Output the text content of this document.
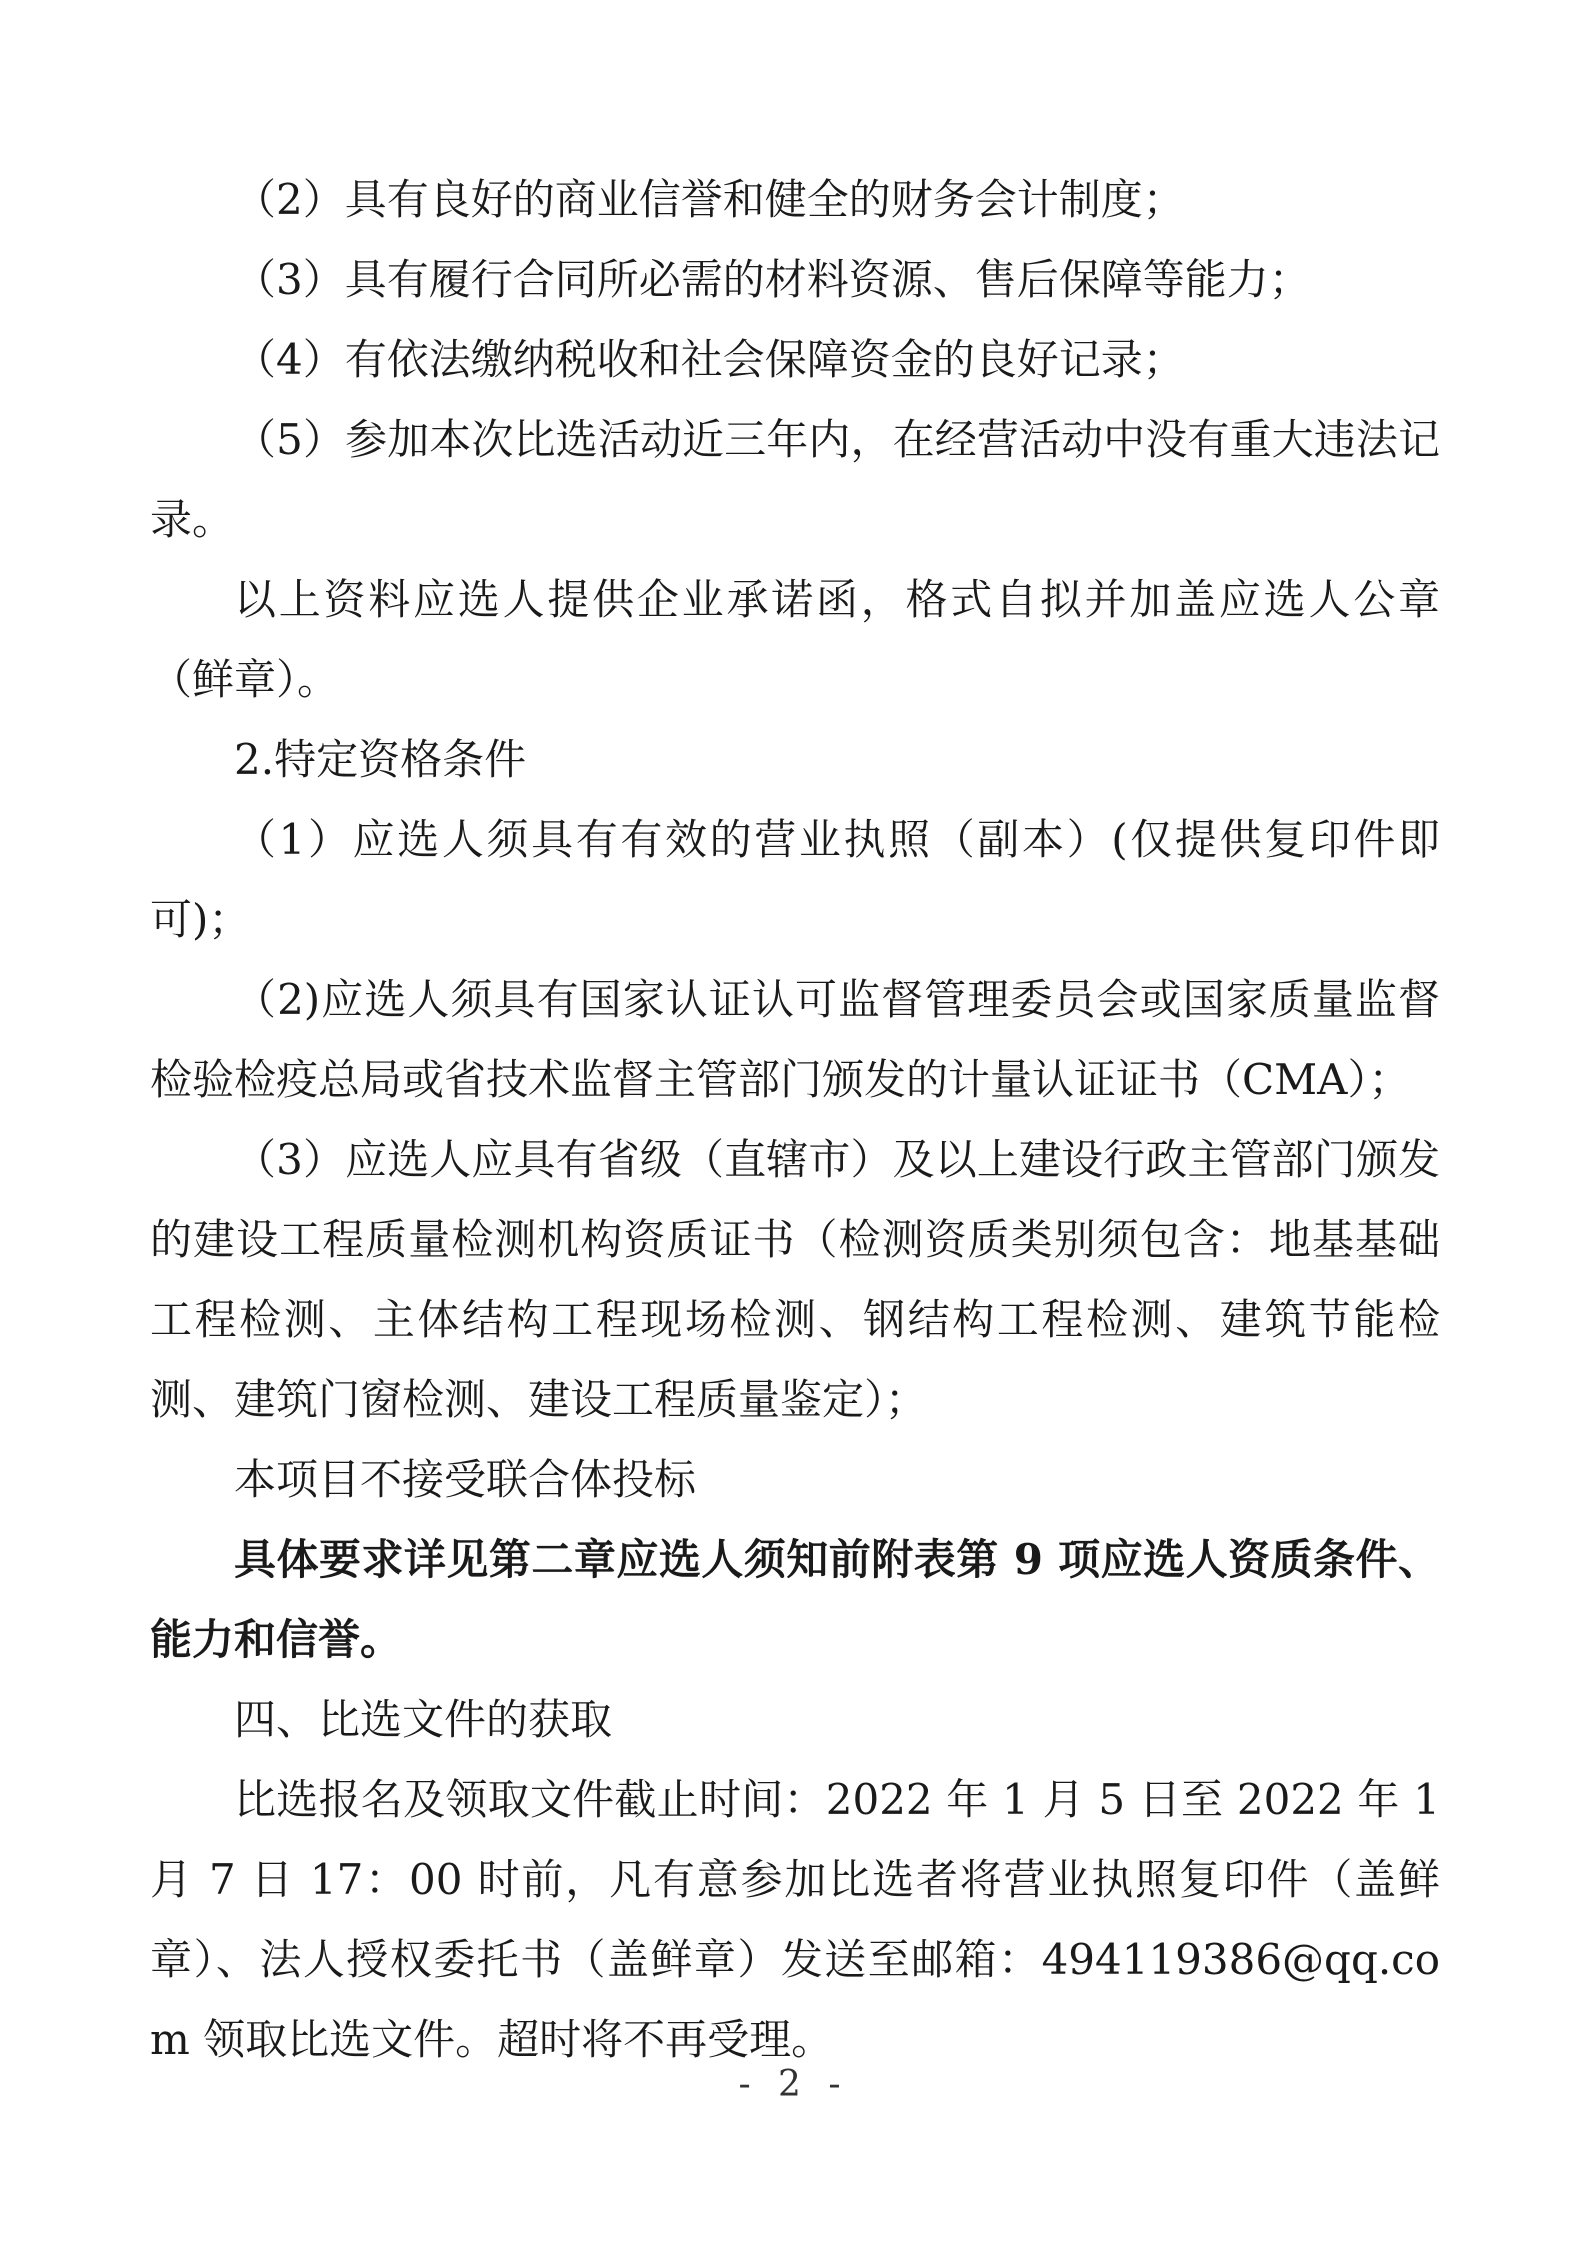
（2）具有良好的商业信誉和健全的财务会计制度；

（3）具有履行合同所必需的材料资源、售后保障等能力；

（4）有依法缴纳税收和社会保障资金的良好记录；

（5）参加本次比选活动近三年内，在经营活动中没有重大违法记录。

以上资料应选人提供企业承诺函，格式自拟并加盖应选人公章（鲜章）。

2.特定资格条件

（1）应选人须具有有效的营业执照（副本）(仅提供复印件即可)；

（2)应选人须具有国家认证认可监督管理委员会或国家质量监督检验检疫总局或省技术监督主管部门颁发的计量认证证书（CMA）；

（3）应选人应具有省级（直辖市）及以上建设行政主管部门颁发的建设工程质量检测机构资质证书（检测资质类别须包含：地基基础工程检测、主体结构工程现场检测、钢结构工程检测、建筑节能检测、建筑门窗检测、建设工程质量鉴定）；

本项目不接受联合体投标

具体要求详见第二章应选人须知前附表第 9 项应选人资质条件、能力和信誉。

四、比选文件的获取

比选报名及领取文件截止时间：2022 年 1 月 5 日至 2022 年 1 月 7 日 17：00 时前，凡有意参加比选者将营业执照复印件（盖鲜章）、法人授权委托书（盖鲜章）发送至邮箱：494119386@qq.com 领取比选文件。超时将不再受理。

- 2 -
